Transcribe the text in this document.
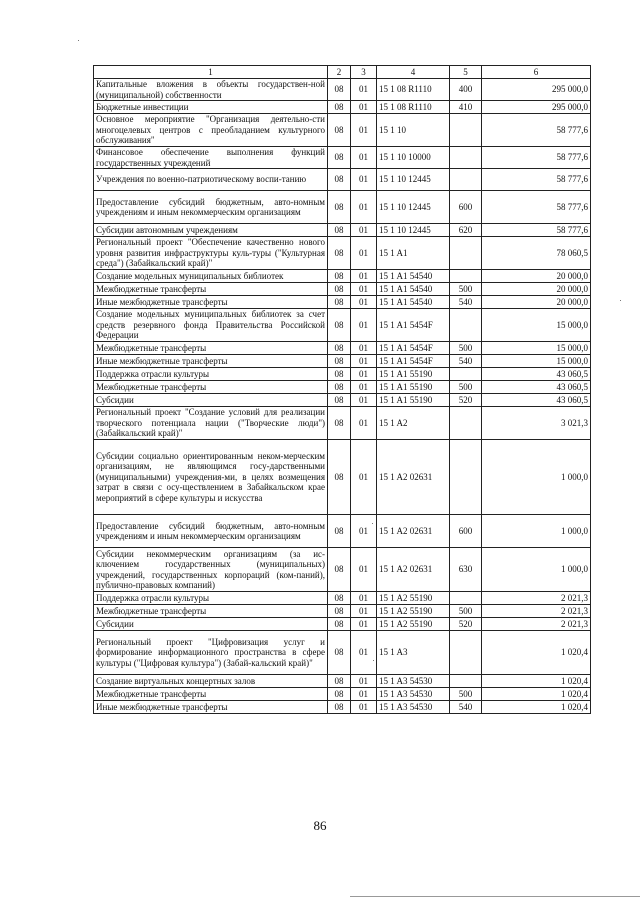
1	2	3	4	5	6
Капитальные вложения в объекты государствен-ной (муниципальной) собственности	08	01	15 1 08 R1110	400	295 000,0
Бюджетные инвестиции	08	01	15 1 08 R1110	410	295 000,0
Основное мероприятие "Организация деятельно-сти многоцелевых центров с преобладанием культурного обслуживания"	08	01	15 1 10		58 777,6
Финансовое обеспечение выполнения функций государственных учреждений	08	01	15 1 10 10000		58 777,6
Учреждения по военно-патриотическому воспи-танию	08	01	15 1 10 12445		58 777,6
Предоставление субсидий бюджетным, авто-номным учреждениям и иным некоммерческим организациям	08	01	15 1 10 12445	600	58 777,6
Субсидии автономным учреждениям	08	01	15 1 10 12445	620	58 777,6
Региональный проект "Обеспечение качественно нового уровня развития инфраструктуры куль-туры ("Культурная среда") (Забайкальский край)"	08	01	15 1 A1		78 060,5
Создание модельных муниципальных библиотек	08	01	15 1 A1 54540		20 000,0
Межбюджетные трансферты	08	01	15 1 A1 54540	500	20 000,0
Иные межбюджетные трансферты	08	01	15 1 A1 54540	540	20 000,0
Создание модельных муниципальных библиотек за счет средств резервного фонда Правительства Российской Федерации	08	01	15 1 A1 5454F		15 000,0
Межбюджетные трансферты	08	01	15 1 A1 5454F	500	15 000,0
Иные межбюджетные трансферты	08	01	15 1 A1 5454F	540	15 000,0
Поддержка отрасли культуры	08	01	15 1 A1 55190		43 060,5
Межбюджетные трансферты	08	01	15 1 A1 55190	500	43 060,5
Субсидии	08	01	15 1 A1 55190	520	43 060,5
Региональный проект "Создание условий для реализации творческого потенциала нации ("Творческие люди") (Забайкальский край)"	08	01	15 1 A2		3 021,3
Субсидии социально ориентированным неком-мерческим организациям, не являющимся госу-дарственными (муниципальными) учреждения-ми, в целях возмещения затрат в связи с осу-ществлением в Забайкальском крае мероприятий в сфере культуры и искусства	08	01	15 1 A2 02631		1 000,0
Предоставление субсидий бюджетным, авто-номным учреждениям и иным некоммерческим организациям	08	01	15 1 A2 02631	600	1 000,0
Субсидии некоммерческим организациям (за ис-ключением государственных (муниципальных) учреждений, государственных корпораций (ком-паний), публично-правовых компаний)	08	01	15 1 A2 02631	630	1 000,0
Поддержка отрасли культуры	08	01	15 1 A2 55190		2 021,3
Межбюджетные трансферты	08	01	15 1 A2 55190	500	2 021,3
Субсидии	08	01	15 1 A2 55190	520	2 021,3
Региональный проект "Цифровизация услуг и формирование информационного пространства в сфере культуры ("Цифровая культура") (Забай-кальский край)"	08	01	15 1 A3		1 020,4
Создание виртуальных концертных залов	08	01	15 1 A3 54530		1 020,4
Межбюджетные трансферты	08	01	15 1 A3 54530	500	1 020,4
Иные межбюджетные трансферты	08	01	15 1 A3 54530	540	1 020,4
86
